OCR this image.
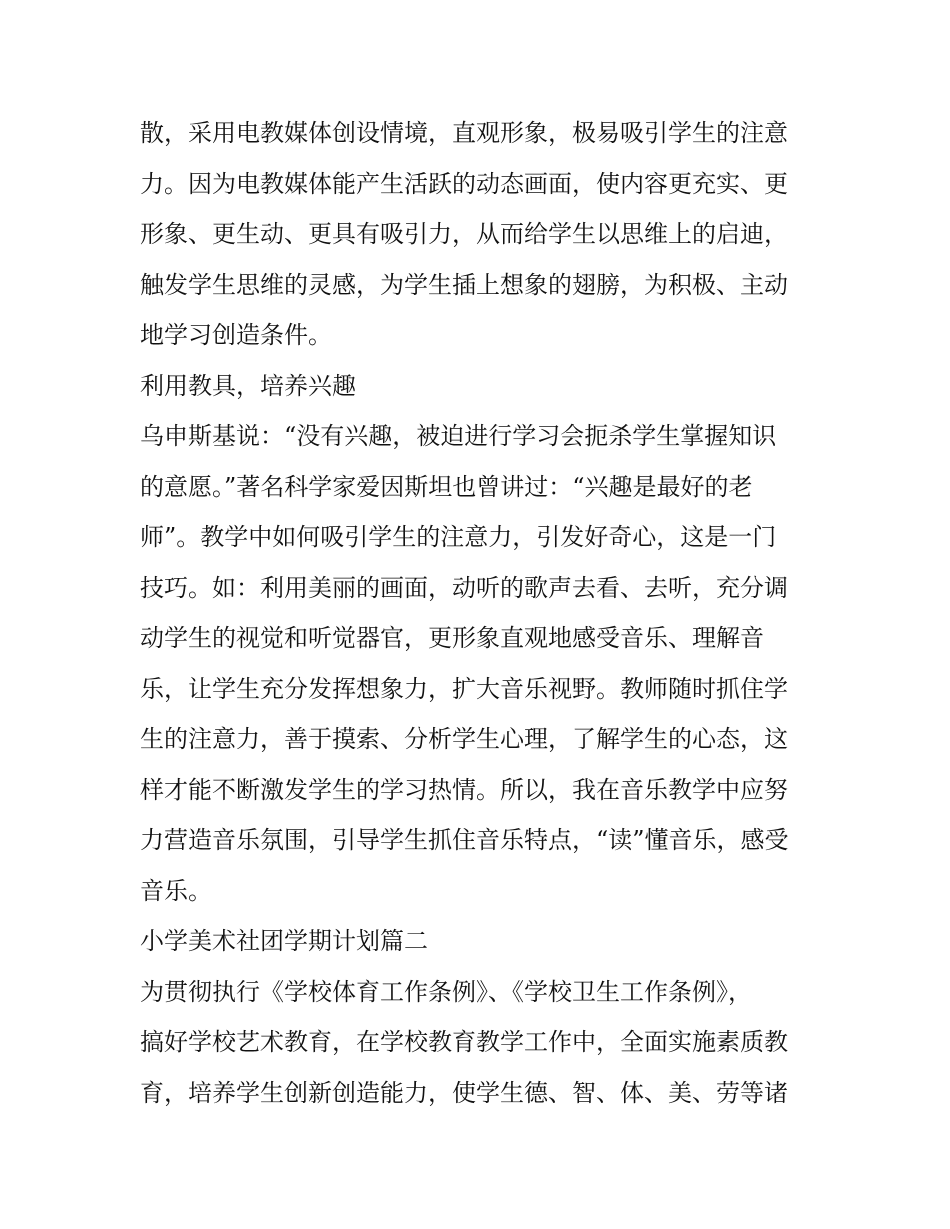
散，采用电教媒体创设情境，直观形象，极易吸引学生的注意

力。因为电教媒体能产生活跃的动态画面，使内容更充实、更

形象、更生动、更具有吸引力，从而给学生以思维上的启迪，

触发学生思维的灵感，为学生插上想象的翅膀，为积极、主动

地学习创造条件。

利用教具，培养兴趣

乌申斯基说：“没有兴趣，被迫进行学习会扼杀学生掌握知识

的意愿。”著名科学家爱因斯坦也曾讲过：“兴趣是最好的老

师”。教学中如何吸引学生的注意力，引发好奇心，这是一门

技巧。如：利用美丽的画面，动听的歌声去看、去听，充分调

动学生的视觉和听觉器官，更形象直观地感受音乐、理解音

乐，让学生充分发挥想象力，扩大音乐视野。教师随时抓住学

生的注意力，善于摸索、分析学生心理，了解学生的心态，这

样才能不断激发学生的学习热情。所以，我在音乐教学中应努

力营造音乐氛围，引导学生抓住音乐特点，“读”懂音乐，感受

音乐。

小学美术社团学期计划篇二

为贯彻执行《学校体育工作条例》、《学校卫生工作条例》，

搞好学校艺术教育，在学校教育教学工作中，全面实施素质教

育，培养学生创新创造能力，使学生德、智、体、美、劳等诸
